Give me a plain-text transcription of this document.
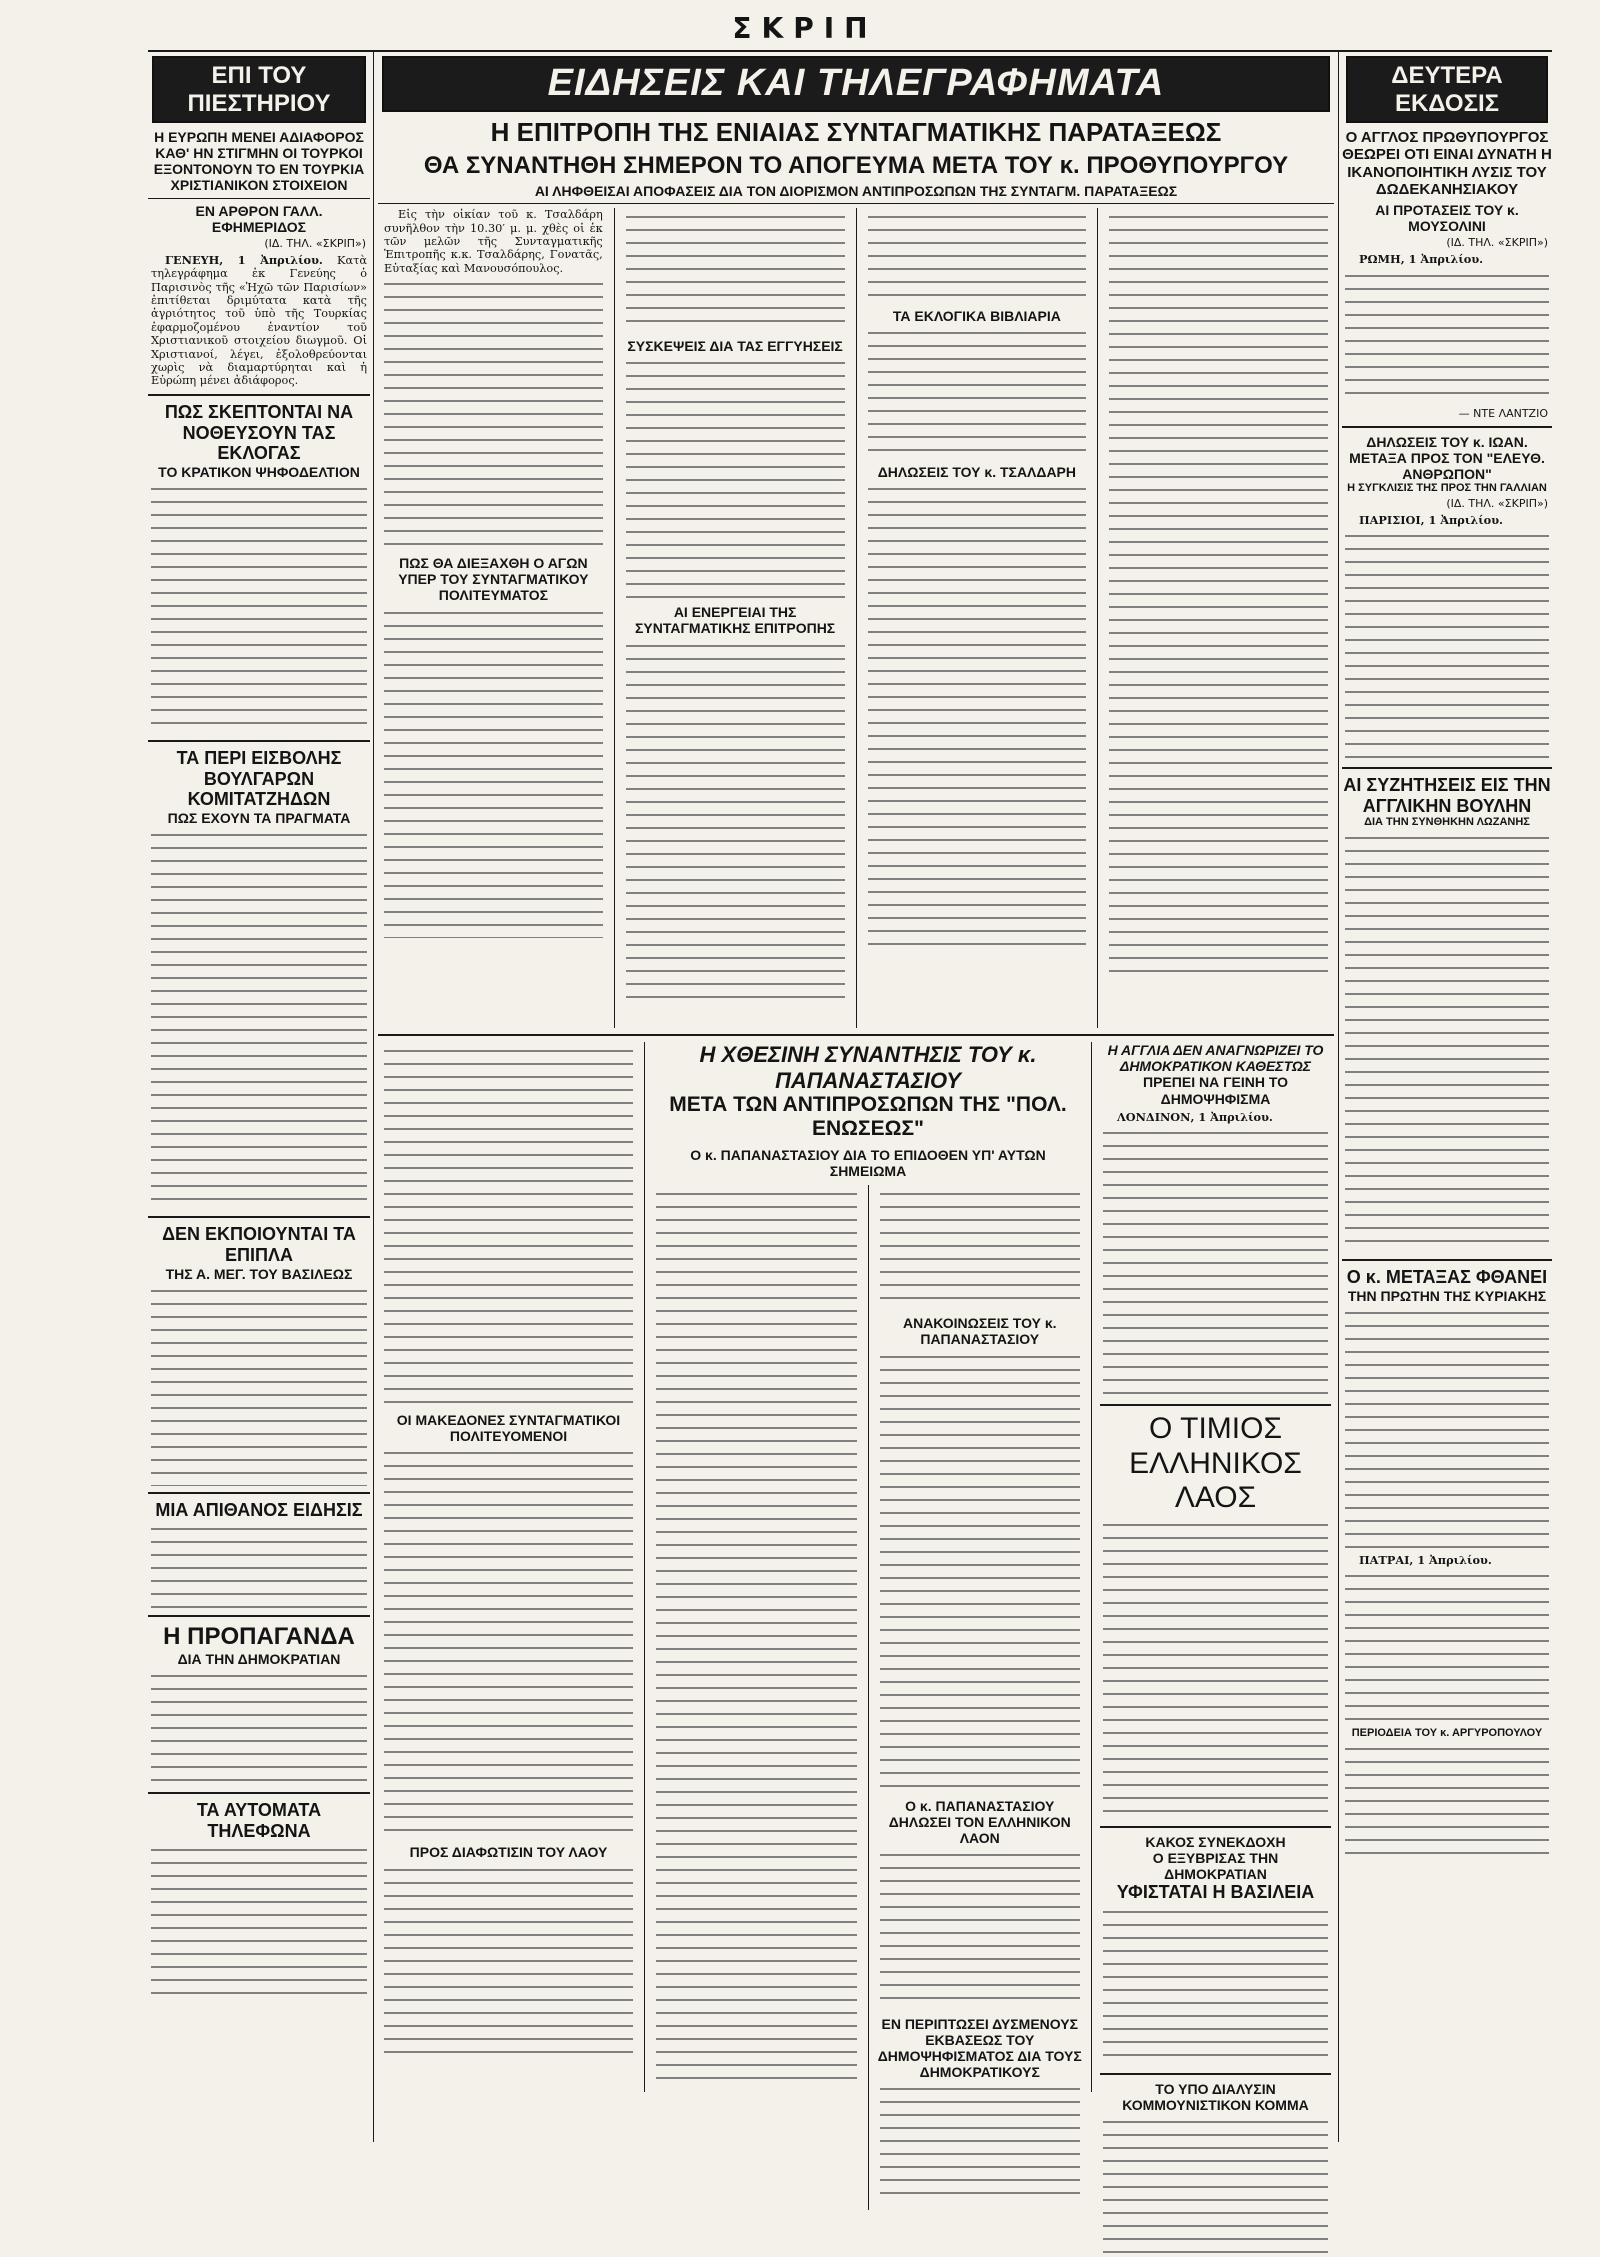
ΣΚΡΙΠ
ΕΠΙ ΤΟΥ ΠΙΕΣΤΗΡΙΟΥ
Η ΕΥΡΩΠΗ ΜΕΝΕΙ ΑΔΙΑΦΟΡΟΣ ΚΑΘ' ΗΝ ΣΤΙΓΜΗΝ ΟΙ ΤΟΥΡΚΟΙ ΕΞΟΝΤΟΝΟΥΝ ΤΟ ΕΝ ΤΟΥΡΚΙΑ ΧΡΙΣΤΙΑΝΙΚΟΝ ΣΤΟΙΧΕΙΟΝ
ΕΝ ΑΡΘΡΟΝ ΓΑΛΛ. ΕΦΗΜΕΡΙΔΟΣ
(ΙΔ. ΤΗΛ. «ΣΚΡΙΠ»)

ΓΕΝΕΥΗ, 1 Ἀπριλίου. Κατὰ τηλεγράφημα ἐκ Γενεύης ὁ Παρισινὸς τῆς «Ἠχῶ τῶν Παρισίων» ἐπιτίθεται δριμύτατα κατὰ τῆς ἀγριότητος τοῦ ὑπὸ τῆς Τουρκίας ἐφαρμοζομένου ἐναντίον τοῦ Χριστιανικοῦ στοιχείου διωγμοῦ. Οἱ Χριστιανοί, λέγει, ἐξολοθρεύονται χωρὶς νὰ διαμαρτύρηται καὶ ἡ Εὐρώπη μένει ἀδιάφορος.

ΠΩΣ ΣΚΕΠΤΟΝΤΑΙ ΝΑ ΝΟΘΕΥΣΟΥΝ ΤΑΣ ΕΚΛΟΓΑΣ
ΤΟ ΚΡΑΤΙΚΟΝ ΨΗΦΟΔΕΛΤΙΟΝ
ΤΑ ΠΕΡΙ ΕΙΣΒΟΛΗΣ ΒΟΥΛΓΑΡΩΝ ΚΟΜΙΤΑΤΖΗΔΩΝ
ΠΩΣ ΕΧΟΥΝ ΤΑ ΠΡΑΓΜΑΤΑ
ΔΕΝ ΕΚΠΟΙΟΥΝΤΑΙ ΤΑ ΕΠΙΠΛΑ
ΤΗΣ Α. ΜΕΓ. ΤΟΥ ΒΑΣΙΛΕΩΣ
ΜΙΑ ΑΠΙΘΑΝΟΣ ΕΙΔΗΣΙΣ
Η ΠΡΟΠΑΓΑΝΔΑ
ΔΙΑ ΤΗΝ ΔΗΜΟΚΡΑΤΙΑΝ
ΤΑ ΑΥΤΟΜΑΤΑ ΤΗΛΕΦΩΝΑ
ΕΙΔΗΣΕΙΣ ΚΑΙ ΤΗΛΕΓΡΑΦΗΜΑΤΑ
Η ΕΠΙΤΡΟΠΗ ΤΗΣ ΕΝΙΑΙΑΣ ΣΥΝΤΑΓΜΑΤΙΚΗΣ ΠΑΡΑΤΑΞΕΩΣ
ΘΑ ΣΥΝΑΝΤΗΘΗ ΣΗΜΕΡΟΝ ΤΟ ΑΠΟΓΕΥΜΑ ΜΕΤΑ ΤΟΥ κ. ΠΡΟΘΥΠΟΥΡΓΟΥ
ΑΙ ΛΗΦΘΕΙΣΑΙ ΑΠΟΦΑΣΕΙΣ ΔΙΑ ΤΟΝ ΔΙΟΡΙΣΜΟΝ ΑΝΤΙΠΡΟΣΩΠΩΝ ΤΗΣ ΣΥΝΤΑΓΜ. ΠΑΡΑΤΑΞΕΩΣ

Εἰς τὴν οἰκίαν τοῦ κ. Τσαλδάρη συνῆλθον τὴν 10.30′ μ. μ. χθὲς οἱ ἐκ τῶν μελῶν τῆς Συνταγματικῆς Ἐπιτροπῆς κ.κ. Τσαλδάρης, Γονατᾶς, Εὐταξίας καὶ Μανουσόπουλος.

ΠΩΣ ΘΑ ΔΙΕΞΑΧΘΗ Ο ΑΓΩΝ ΥΠΕΡ ΤΟΥ ΣΥΝΤΑΓΜΑΤΙΚΟΥ ΠΟΛΙΤΕΥΜΑΤΟΣ
ΣΥΣΚΕΨΕΙΣ ΔΙΑ ΤΑΣ ΕΓΓΥΗΣΕΙΣ
ΑΙ ΕΝΕΡΓΕΙΑΙ ΤΗΣ ΣΥΝΤΑΓΜΑΤΙΚΗΣ ΕΠΙΤΡΟΠΗΣ
ΤΑ ΕΚΛΟΓΙΚΑ ΒΙΒΛΙΑΡΙΑ
ΔΗΛΩΣΕΙΣ ΤΟΥ κ. ΤΣΑΛΔΑΡΗ
ΟΙ ΜΑΚΕΔΟΝΕΣ ΣΥΝΤΑΓΜΑΤΙΚΟΙ ΠΟΛΙΤΕΥΟΜΕΝΟΙ
ΠΡΟΣ ΔΙΑΦΩΤΙΣΙΝ ΤΟΥ ΛΑΟΥ
Η ΧΘΕΣΙΝΗ ΣΥΝΑΝΤΗΣΙΣ ΤΟΥ κ. ΠΑΠΑΝΑΣΤΑΣΙΟΥ
ΜΕΤΑ ΤΩΝ ΑΝΤΙΠΡΟΣΩΠΩΝ ΤΗΣ "ΠΟΛ. ΕΝΩΣΕΩΣ"
Ο κ. ΠΑΠΑΝΑΣΤΑΣΙΟΥ ΔΙΑ ΤΟ ΕΠΙΔΟΘΕΝ ΥΠ' ΑΥΤΩΝ ΣΗΜΕΙΩΜΑ
ΑΝΑΚΟΙΝΩΣΕΙΣ ΤΟΥ κ. ΠΑΠΑΝΑΣΤΑΣΙΟΥ
Ο κ. ΠΑΠΑΝΑΣΤΑΣΙΟΥ ΔΗΛΩΣΕΙ ΤΟΝ ΕΛΛΗΝΙΚΟΝ ΛΑΟΝ
ΕΝ ΠΕΡΙΠΤΩΣΕΙ ΔΥΣΜΕΝΟΥΣ ΕΚΒΑΣΕΩΣ ΤΟΥ ΔΗΜΟΨΗΦΙΣΜΑΤΟΣ ΔΙΑ ΤΟΥΣ ΔΗΜΟΚΡΑΤΙΚΟΥΣ
Η ΑΓΓΛΙΑ ΔΕΝ ΑΝΑΓΝΩΡΙΖΕΙ ΤΟ ΔΗΜΟΚΡΑΤΙΚΟΝ ΚΑΘΕΣΤΩΣ
ΠΡΕΠΕΙ ΝΑ ΓΕΙΝΗ ΤΟ ΔΗΜΟΨΗΦΙΣΜΑ

ΛΟΝΔΙΝΟΝ, 1 Ἀπριλίου.

Ο ΤΙΜΙΟΣ ΕΛΛΗΝΙΚΟΣ ΛΑΟΣ
ΚΑΚΟΣ ΣΥΝΕΚΔΟΧΗ
Ο ΕΞΥΒΡΙΣΑΣ ΤΗΝ ΔΗΜΟΚΡΑΤΙΑΝ
ΥΦΙΣΤΑΤΑΙ Η ΒΑΣΙΛΕΙΑ
ΤΟ ΥΠΟ ΔΙΑΛΥΣΙΝ ΚΟΜΜΟΥΝΙΣΤΙΚΟΝ ΚΟΜΜΑ
ΔΕΥΤΕΡΑ ΕΚΔΟΣΙΣ
Ο ΑΓΓΛΟΣ ΠΡΩΘΥΠΟΥΡΓΟΣ ΘΕΩΡΕΙ ΟΤΙ ΕΙΝΑΙ ΔΥΝΑΤΗ Η ΙΚΑΝΟΠΟΙΗΤΙΚΗ ΛΥΣΙΣ ΤΟΥ ΔΩΔΕΚΑΝΗΣΙΑΚΟΥ
ΑΙ ΠΡΟΤΑΣΕΙΣ ΤΟΥ κ. ΜΟΥΣΟΛΙΝΙ
(ΙΔ. ΤΗΛ. «ΣΚΡΙΠ»)

ΡΩΜΗ, 1 Ἀπριλίου.

— ΝΤΕ ΛΑΝΤΖΙΟ
ΔΗΛΩΣΕΙΣ ΤΟΥ κ. ΙΩΑΝ. ΜΕΤΑΞΑ ΠΡΟΣ ΤΟΝ "ΕΛΕΥΘ. ΑΝΘΡΩΠΟΝ"
Η ΣΥΓΚΛΙΣΙΣ ΤΗΣ ΠΡΟΣ ΤΗΝ ΓΑΛΛΙΑΝ
(ΙΔ. ΤΗΛ. «ΣΚΡΙΠ»)

ΠΑΡΙΣΙΟΙ, 1 Ἀπριλίου.

ΑΙ ΣΥΖΗΤΗΣΕΙΣ ΕΙΣ ΤΗΝ ΑΓΓΛΙΚΗΝ ΒΟΥΛΗΝ
ΔΙΑ ΤΗΝ ΣΥΝΘΗΚΗΝ ΛΩΖΑΝΗΣ
Ο κ. ΜΕΤΑΞΑΣ ΦΘΑΝΕΙ
ΤΗΝ ΠΡΩΤΗΝ ΤΗΣ ΚΥΡΙΑΚΗΣ

ΠΑΤΡΑΙ, 1 Ἀπριλίου.

ΠΕΡΙΟΔΕΙΑ ΤΟΥ κ. ΑΡΓΥΡΟΠΟΥΛΟΥ
